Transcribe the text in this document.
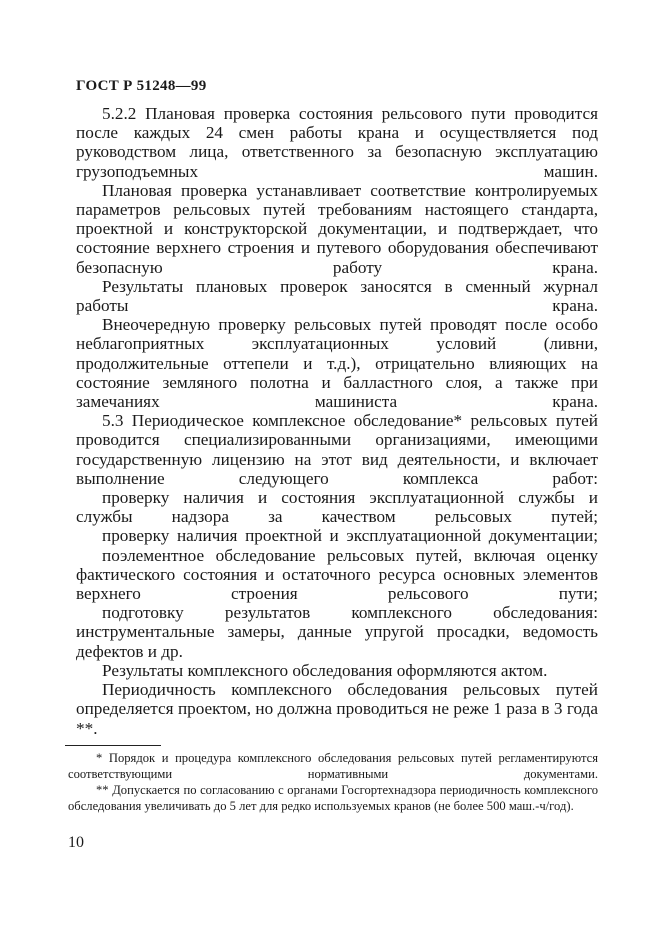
ГОСТ Р 51248—99

5.2.2 Плановая проверка состояния рельсового пути проводится после каждых 24 смен работы крана и осуществляется под руководством лица, ответственного за безопасную эксплуатацию грузоподъемных машин.

Плановая проверка устанавливает соответствие контролируемых параметров рельсовых путей требованиям настоящего стандарта, проектной и конструкторской документации, и подтверждает, что состояние верхнего строения и путевого оборудования обеспечивают безопасную работу крана.

Результаты плановых проверок заносятся в сменный журнал работы крана.

Внеочередную проверку рельсовых путей проводят после особо неблагоприятных эксплуатационных условий (ливни, продолжительные оттепели и т.д.), отрицательно влияющих на состояние земляного полотна и балластного слоя, а также при замечаниях машиниста крана.

5.3 Периодическое комплексное обследование* рельсовых путей проводится специализированными организациями, имеющими государственную лицензию на этот вид деятельности, и включает выполнение следующего комплекса работ:

проверку наличия и состояния эксплуатационной службы и службы надзора за качеством рельсовых путей;

проверку наличия проектной и эксплуатационной документации;

поэлементное обследование рельсовых путей, включая оценку фактического состояния и остаточного ресурса основных элементов верхнего строения рельсового пути;

подготовку результатов комплексного обследования: инструментальные замеры, данные упругой просадки, ведомость дефектов и др.

Результаты комплексного обследования оформляются актом.

Периодичность комплексного обследования рельсовых путей определяется проектом, но должна проводиться не реже 1 раза в 3 года **.

* Порядок и процедура комплексного обследования рельсовых путей регламентируются соответствующими нормативными документами.

** Допускается по согласованию с органами Госгортехнадзора периодичность комплексного обследования увеличивать до 5 лет для редко используемых кранов (не более 500 маш.-ч/год).

10
